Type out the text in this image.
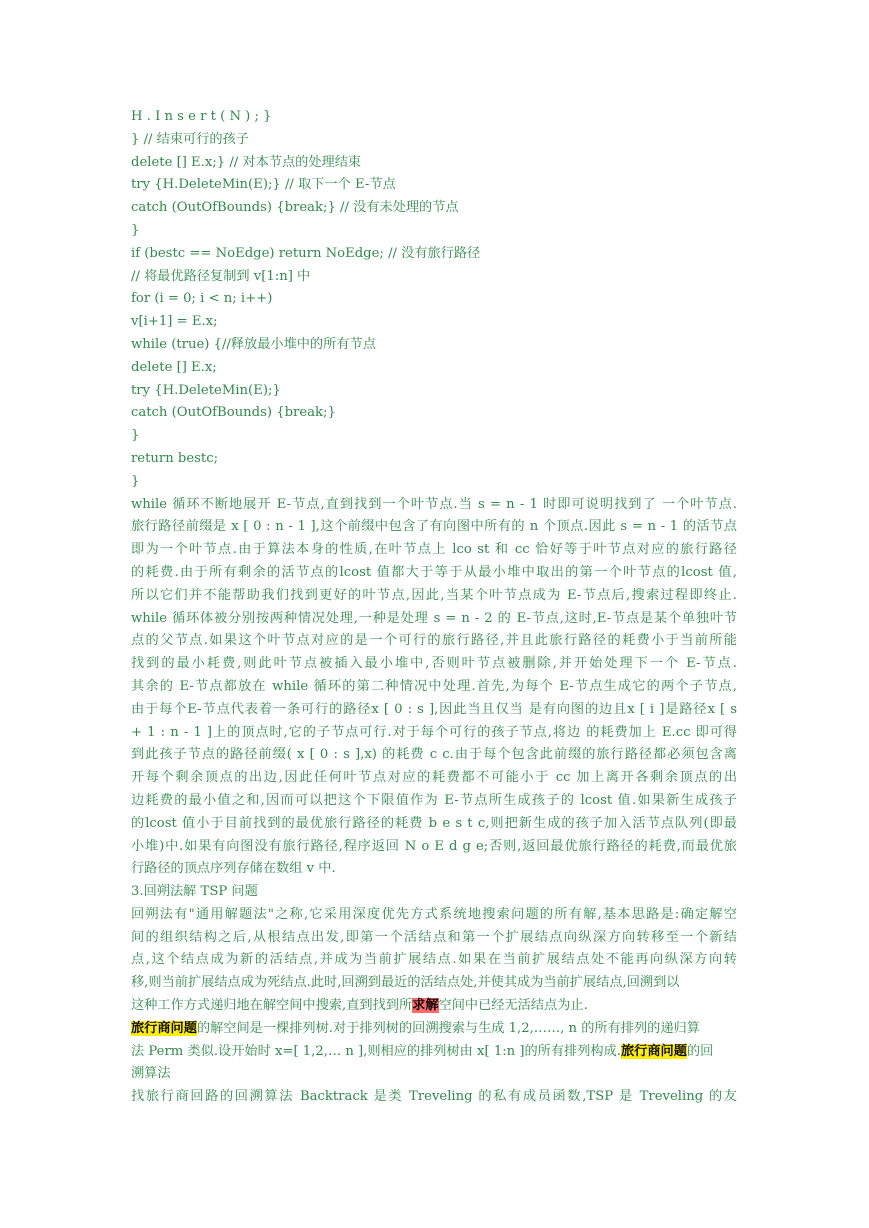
H . I n s e r t ( N ) ; }
} // 结束可行的孩子
delete [] E.x;} // 对本节点的处理结束
try {H.DeleteMin(E);} // 取下一个 E-节点
catch (OutOfBounds) {break;} // 没有未处理的节点
}
if (bestc == NoEdge) return NoEdge; // 没有旅行路径
// 将最优路径复制到 v[1:n] 中
for (i = 0; i < n; i++)
v[i+1] = E.x;
while (true) {//释放最小堆中的所有节点
delete [] E.x;
try {H.DeleteMin(E);}
catch (OutOfBounds) {break;}
}
return bestc;
}
while 循环不断地展开 E-节点,直到找到一个叶节点.当 s = n - 1 时即可说明找到了 一个叶节点.
旅行路径前缀是 x [ 0 : n - 1 ],这个前缀中包含了有向图中所有的 n 个顶点.因此 s = n - 1 的活节点
即为一个叶节点.由于算法本身的性质,在叶节点上 lco st 和 cc 恰好等于叶节点对应的旅行路径
的耗费.由于所有剩余的活节点的lcost 值都大于等于从最小堆中取出的第一个叶节点的lcost 值,
所以它们并不能帮助我们找到更好的叶节点,因此,当某个叶节点成为 E-节点后,搜索过程即终止.
while 循环体被分别按两种情况处理,一种是处理 s = n - 2 的 E-节点,这时,E-节点是某个单独叶节
点的父节点.如果这个叶节点对应的是一个可行的旅行路径,并且此旅行路径的耗费小于当前所能
找到的最小耗费,则此叶节点被插入最小堆中,否则叶节点被删除,并开始处理下一个 E-节点.
其余的 E-节点都放在 while 循环的第二种情况中处理.首先,为每个 E-节点生成它的两个子节点,
由于每个E-节点代表着一条可行的路径x [ 0 : s ],因此当且仅当 是有向图的边且x [ i ]是路径x [ s
+ 1 : n - 1 ]上的顶点时,它的子节点可行.对于每个可行的孩子节点,将边 的耗费加上 E.cc 即可得
到此孩子节点的路径前缀( x [ 0 : s ],x) 的耗费 c c.由于每个包含此前缀的旅行路径都必须包含离
开每个剩余顶点的出边,因此任何叶节点对应的耗费都不可能小于 cc 加上离开各剩余顶点的出
边耗费的最小值之和,因而可以把这个下限值作为 E-节点所生成孩子的 lcost 值.如果新生成孩子
的lcost 值小于目前找到的最优旅行路径的耗费 b e s t c,则把新生成的孩子加入活节点队列(即最
小堆)中.如果有向图没有旅行路径,程序返回 N o E d g e;否则,返回最优旅行路径的耗费,而最优旅
行路径的顶点序列存储在数组 v 中.
3.回朔法解 TSP 问题
回朔法有"通用解题法"之称,它采用深度优先方式系统地搜索问题的所有解,基本思路是:确定解空
间的组织结构之后,从根结点出发,即第一个活结点和第一个扩展结点向纵深方向转移至一个新结
点,这个结点成为新的活结点,并成为当前扩展结点.如果在当前扩展结点处不能再向纵深方向转
移,则当前扩展结点成为死结点.此时,回溯到最近的活结点处,并使其成为当前扩展结点,回溯到以
这种工作方式递归地在解空间中搜索,直到找到所求解空间中已经无活结点为止.
旅行商问题的解空间是一棵排列树.对于排列树的回溯搜索与生成 1,2,……, n 的所有排列的递归算
法 Perm 类似.设开始时 x=[ 1,2,… n ],则相应的排列树由 x[ 1:n ]的所有排列构成.旅行商问题的回
溯算法
找旅行商回路的回溯算法 Backtrack 是类 Treveling 的私有成员函数,TSP 是 Treveling 的友
